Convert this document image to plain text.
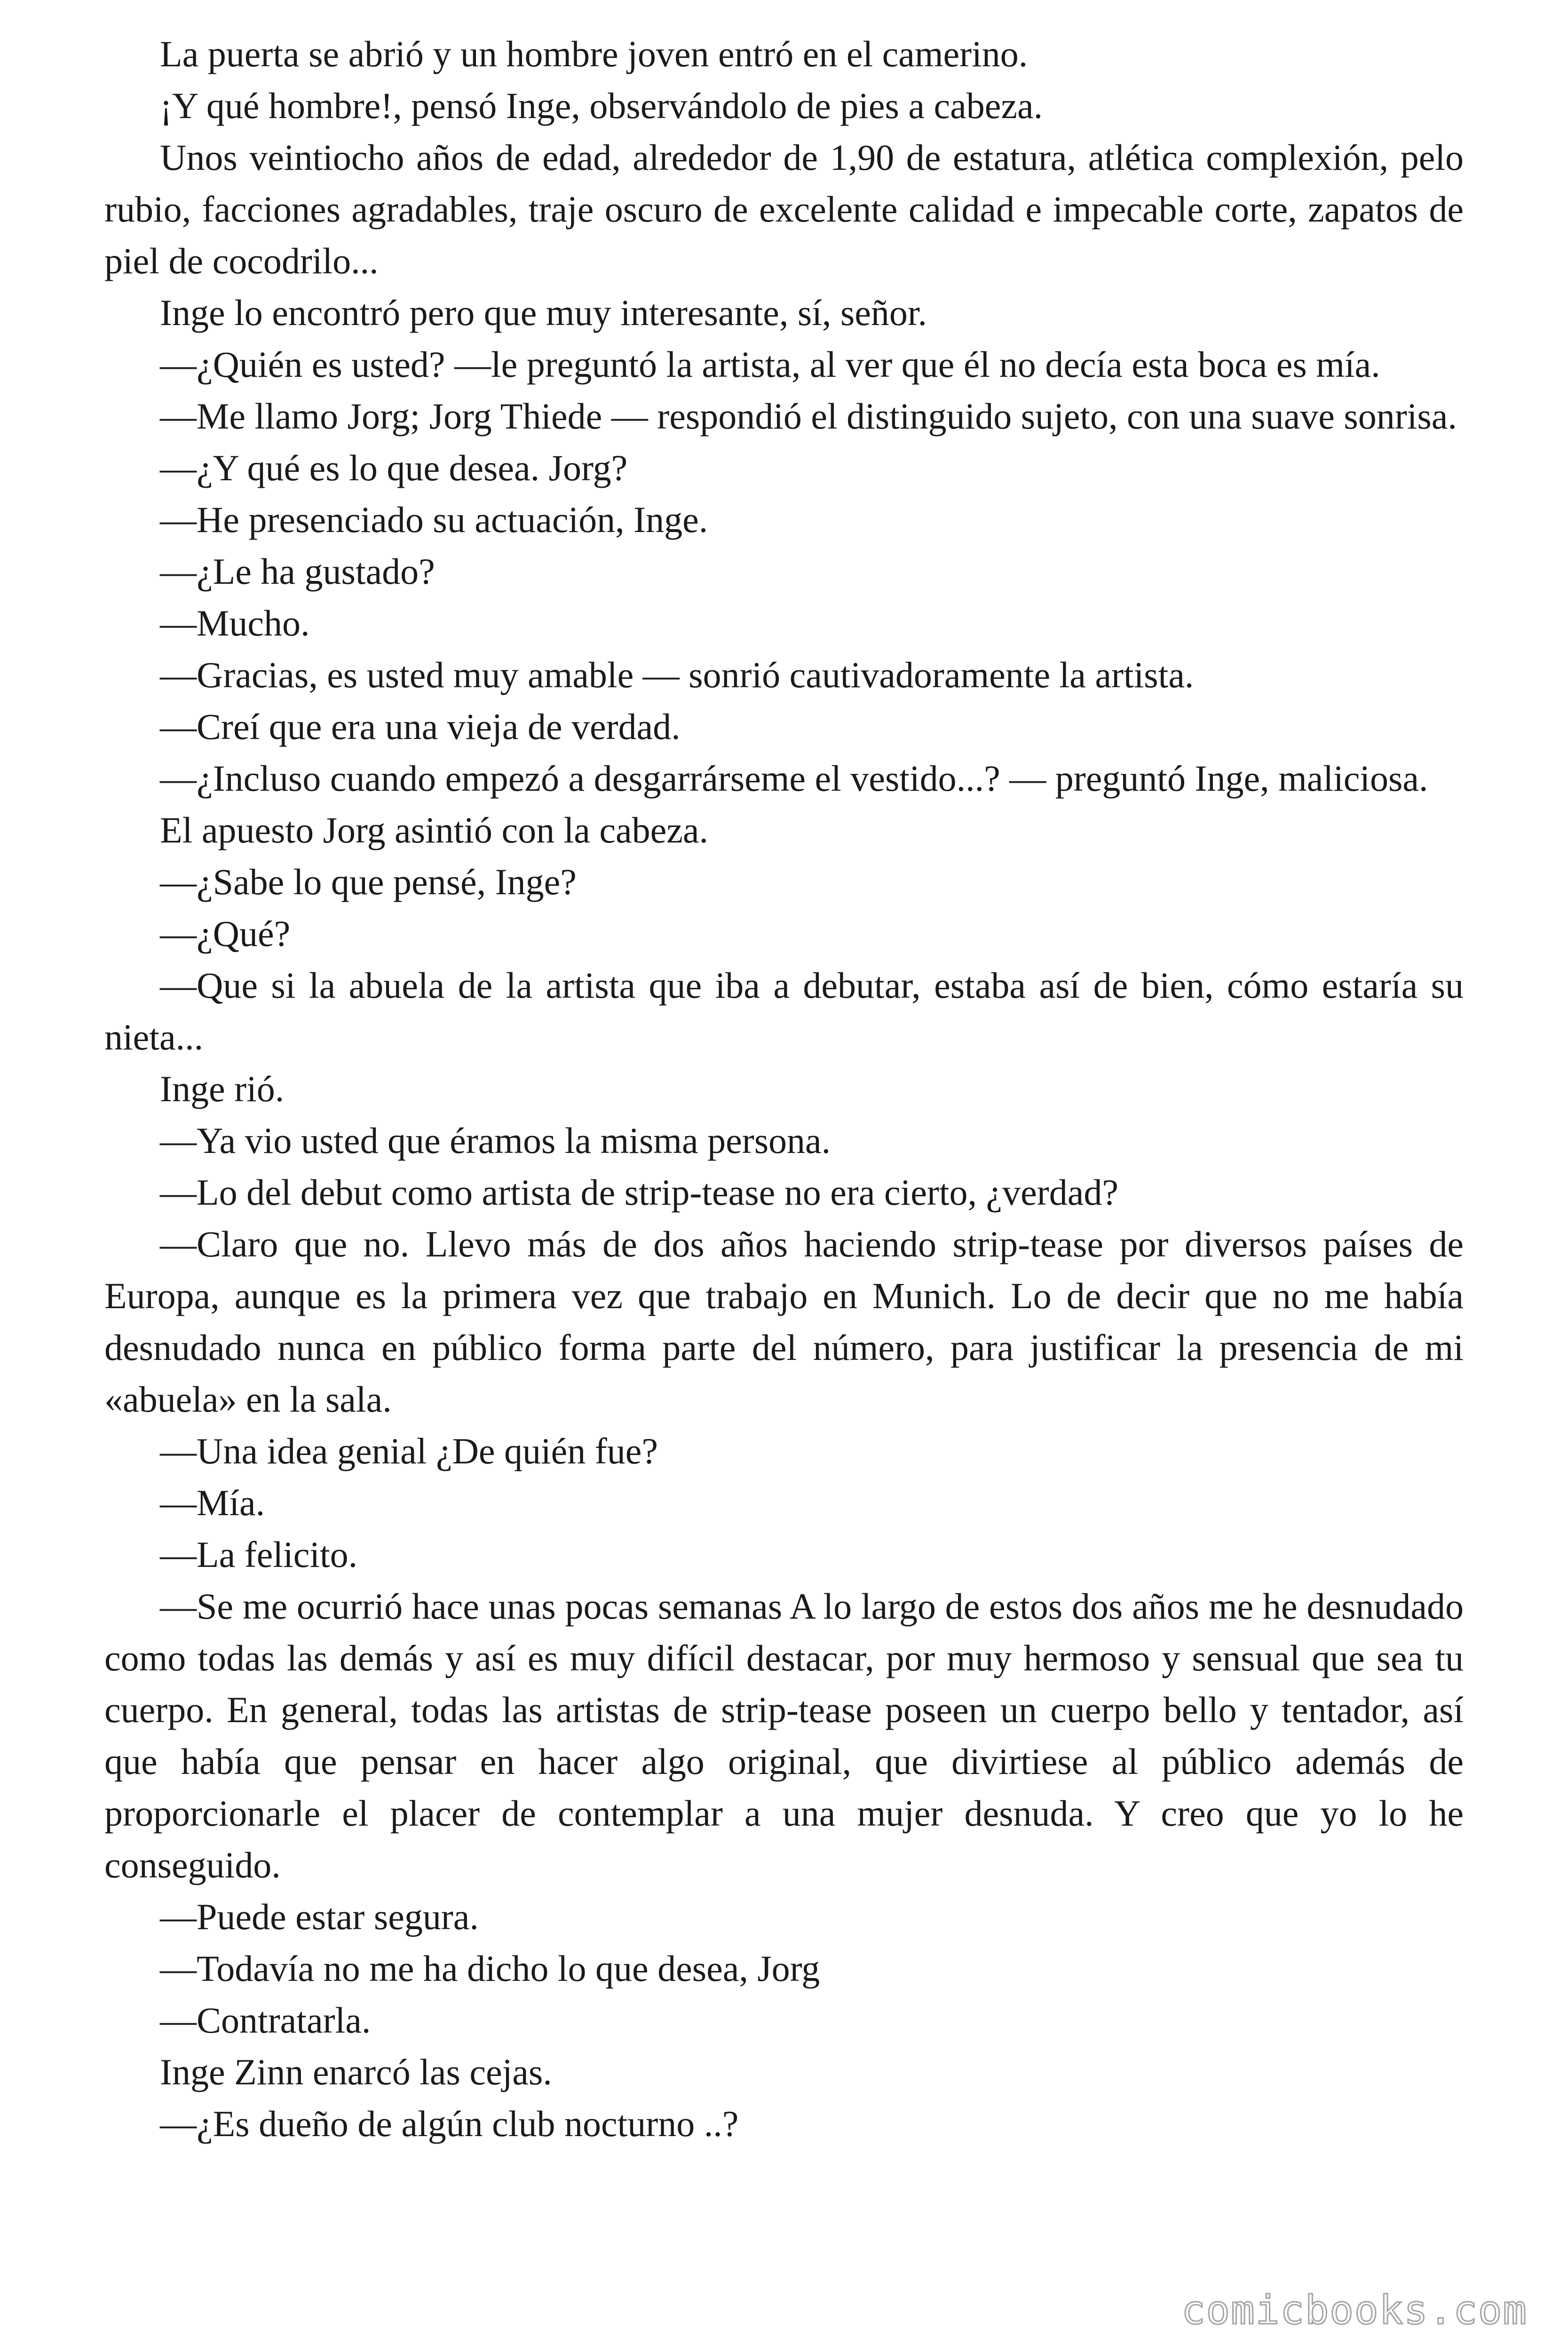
La puerta se abrió y un hombre joven entró en el camerino.

¡Y qué hombre!, pensó Inge, observándolo de pies a cabeza.

Unos veintiocho años de edad, alrededor de 1,90 de estatura, atlética complexión, pelo rubio, facciones agradables, traje oscuro de excelente calidad e impecable corte, zapatos de piel de cocodrilo...

Inge lo encontró pero que muy interesante, sí, señor.

—¿Quién es usted? —le preguntó la artista, al ver que él no decía esta boca es mía.

—Me llamo Jorg; Jorg Thiede — respondió el distinguido sujeto, con una suave sonrisa.

—¿Y qué es lo que desea. Jorg?

—He presenciado su actuación, Inge.

—¿Le ha gustado?

—Mucho.

—Gracias, es usted muy amable — sonrió cautivadoramente la artista.

—Creí que era una vieja de verdad.

—¿Incluso cuando empezó a desgarrárseme el vestido...? — preguntó Inge, maliciosa.

El apuesto Jorg asintió con la cabeza.

—¿Sabe lo que pensé, Inge?

—¿Qué?

—Que si la abuela de la artista que iba a debutar, estaba así de bien, cómo estaría su nieta...

Inge rió.

—Ya vio usted que éramos la misma persona.

—Lo del debut como artista de strip-tease no era cierto, ¿verdad?

—Claro que no. Llevo más de dos años haciendo strip-tease por diversos países de Europa, aunque es la primera vez que trabajo en Munich. Lo de decir que no me había desnudado nunca en público forma parte del número, para justificar la presencia de mi «abuela» en la sala.

—Una idea genial ¿De quién fue?

—Mía.

—La felicito.

—Se me ocurrió hace unas pocas semanas A lo largo de estos dos años me he desnudado como todas las demás y así es muy difícil destacar, por muy hermoso y sensual que sea tu cuerpo. En general, todas las artistas de strip-tease poseen un cuerpo bello y tentador, así que había que pensar en hacer algo original, que divirtiese al público además de proporcionarle el placer de contemplar a una mujer desnuda. Y creo que yo lo he conseguido.

—Puede estar segura.

—Todavía no me ha dicho lo que desea, Jorg

—Contratarla.

Inge Zinn enarcó las cejas.

—¿Es dueño de algún club nocturno ..?

comicbooks.com
